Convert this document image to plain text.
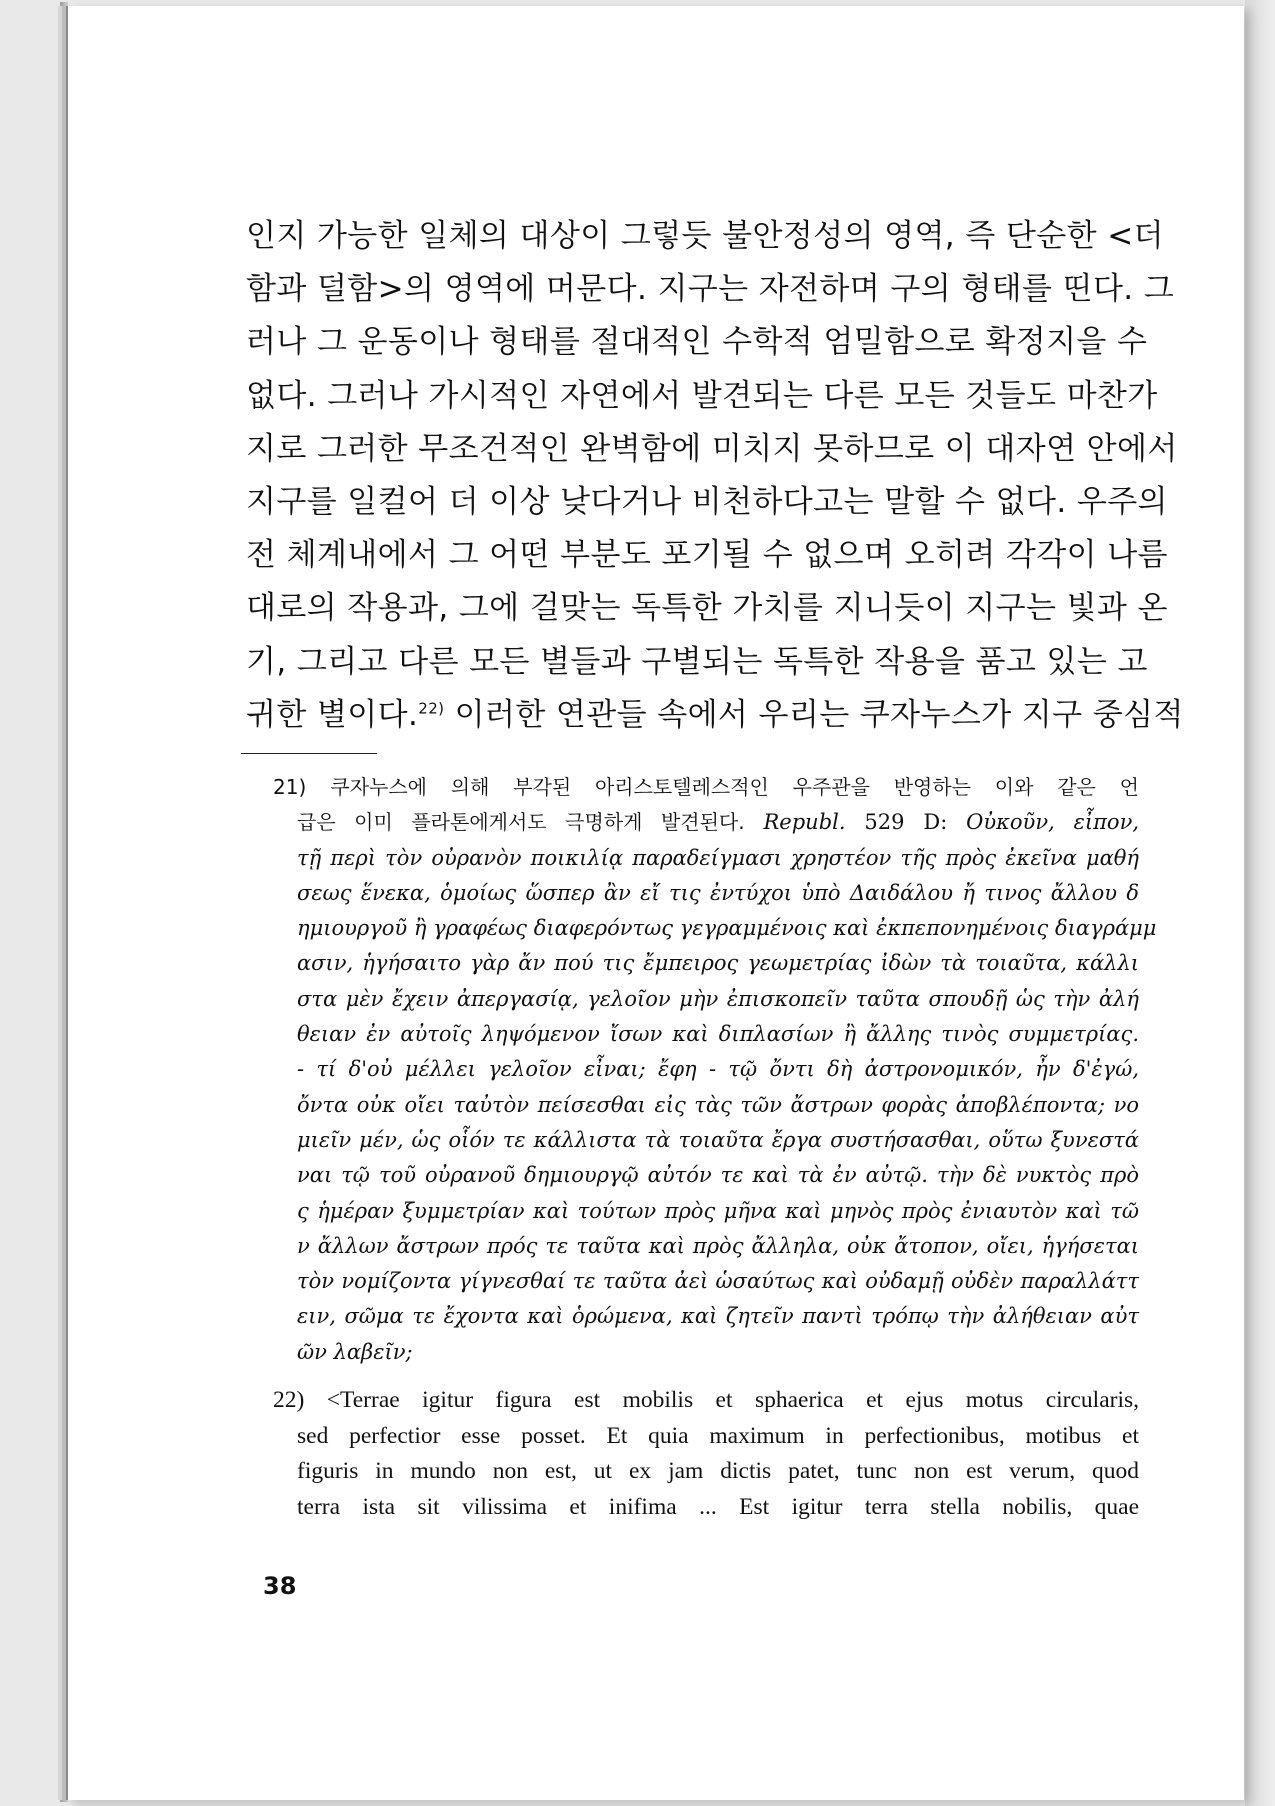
인지 가능한 일체의 대상이 그렇듯 불안정성의 영역, 즉 단순한 <더
함과 덜함>의 영역에 머문다. 지구는 자전하며 구의 형태를 띤다. 그
러나 그 운동이나 형태를 절대적인 수학적 엄밀함으로 확정지을 수
없다. 그러나 가시적인 자연에서 발견되는 다른 모든 것들도 마찬가
지로 그러한 무조건적인 완벽함에 미치지 못하므로 이 대자연 안에서
지구를 일컬어 더 이상 낮다거나 비천하다고는 말할 수 없다. 우주의
전 체계내에서 그 어떤 부분도 포기될 수 없으며 오히려 각각이 나름
대로의 작용과, 그에 걸맞는 독특한 가치를 지니듯이 지구는 빛과 온
기, 그리고 다른 모든 별들과 구별되는 독특한 작용을 품고 있는 고
귀한 별이다.$^{22)}$ 이러한 연관들 속에서 우리는 쿠자누스가 지구 중심적

21) 쿠자누스에 의해 부각된 아리스토텔레스적인 우주관을 반영하는 이와 같은 언
급은 이미 플라톤에게서도 극명하게 발견된다. Republ. 529 D: Οὐκοῦν, εἶπον,
τῇ περὶ τὸν οὐρανὸν ποικιλίᾳ παραδείγμασι χρηστέον τῆς πρὸς ἐκεῖνα μαθή
σεως ἕνεκα, ὁμοίως ὥσπερ ἂν εἴ τις ἐντύχοι ὑπὸ Δαιδάλου ἤ τινος ἄλλου δ
ημιουργοῦ ἢ γραφέως διαφερόντως γεγραμμένοις καὶ ἐκπεπονημένοις διαγράμμ
ασιν, ἡγήσαιτο γὰρ ἄν πού τις ἔμπειρος γεωμετρίας ἰδὼν τὰ τοιαῦτα, κάλλι
στα μὲν ἔχειν ἀπεργασίᾳ, γελοῖον μὴν ἐπισκοπεῖν ταῦτα σπουδῇ ὡς τὴν ἀλή
θειαν ἐν αὐτοῖς ληψόμενον ἴσων καὶ διπλασίων ἢ ἄλλης τινὸς συμμετρίας.
- τί δ'οὐ μέλλει γελοῖον εἶναι; ἔφη - τῷ ὄντι δὴ ἀστρονομικόν, ἦν δ'ἐγώ,
ὄντα οὐκ οἴει ταὐτὸν πείσεσθαι εἰς τὰς τῶν ἄστρων φορὰς ἀποβλέποντα; νο
μιεῖν μέν, ὡς οἷόν τε κάλλιστα τὰ τοιαῦτα ἔργα συστήσασθαι, οὕτω ξυνεστά
ναι τῷ τοῦ οὐρανοῦ δημιουργῷ αὐτόν τε καὶ τὰ ἐν αὐτῷ. τὴν δὲ νυκτὸς πρὸ
ς ἡμέραν ξυμμετρίαν καὶ τούτων πρὸς μῆνα καὶ μηνὸς πρὸς ἐνιαυτὸν καὶ τῶ
ν ἄλλων ἄστρων πρός τε ταῦτα καὶ πρὸς ἄλληλα, οὐκ ἄτοπον, οἴει, ἡγήσεται
τὸν νομίζοντα γίγνεσθαί τε ταῦτα ἀεὶ ὡσαύτως καὶ οὐδαμῇ οὐδὲν παραλλάττ
ειν, σῶμα τε ἔχοντα καὶ ὁρώμενα, καὶ ζητεῖν παντὶ τρόπῳ τὴν ἀλήθειαν αὐτ
ῶν λαβεῖν;

22) <Terrae igitur figura est mobilis et sphaerica et ejus motus circularis,
sed perfectior esse posset. Et quia maximum in perfectionibus, motibus et
figuris in mundo non est, ut ex jam dictis patet, tunc non est verum, quod
terra ista sit vilissima et inifima ... Est igitur terra stella nobilis, quae

38
